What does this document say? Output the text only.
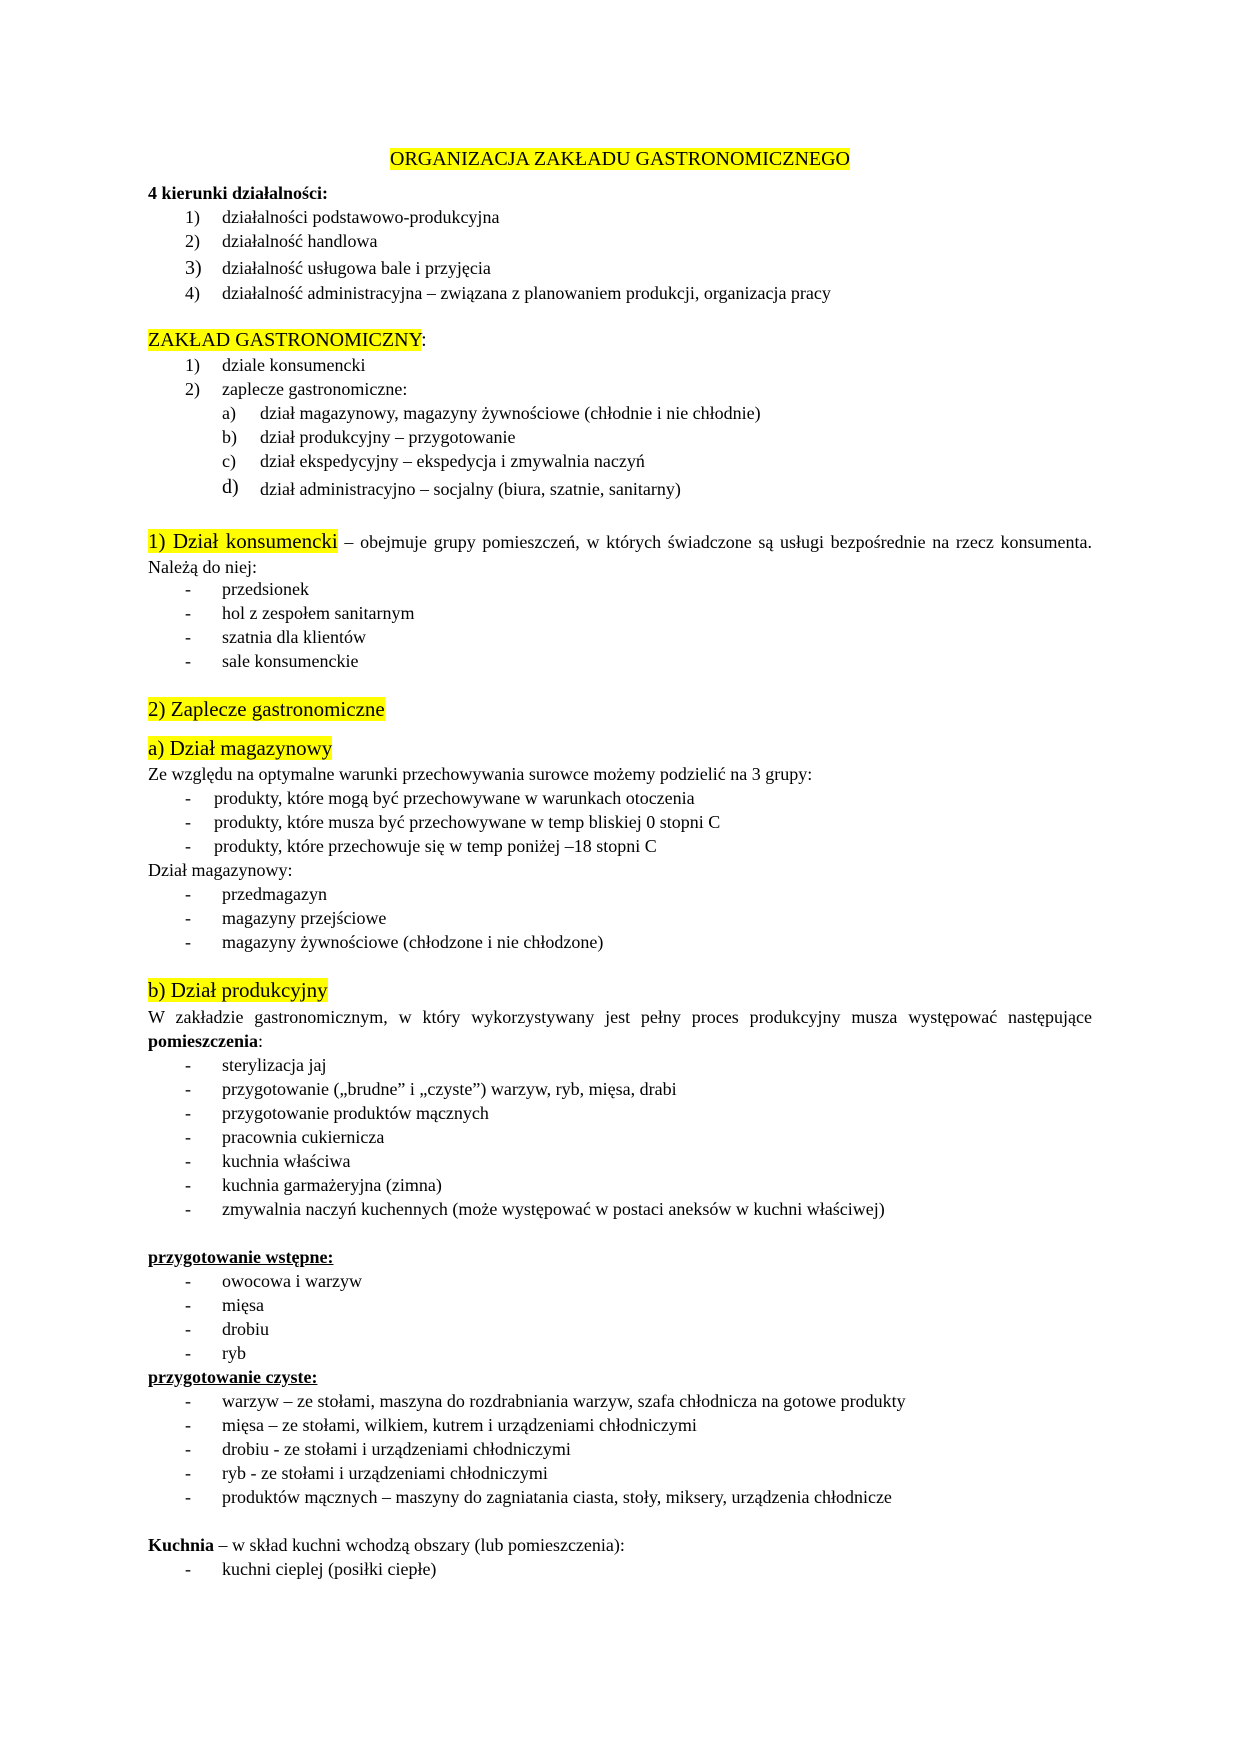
ORGANIZACJA ZAKŁADU GASTRONOMICZNEGO
4 kierunki działalności:
1) działalności podstawowo-produkcyjna
2) działalność handlowa
3) działalność usługowa bale i przyjęcia
4) działalność administracyjna – związana z planowaniem produkcji, organizacja pracy
ZAKŁAD GASTRONOMICZNY:
1) dziale konsumencki
2) zaplecze gastronomiczne:
a) dział magazynowy, magazyny żywnościowe (chłodnie i nie chłodnie)
b) dział produkcyjny – przygotowanie
c) dział ekspedycyjny – ekspedycja i zmywalnia naczyń
d) dział administracyjno – socjalny (biura, szatnie, sanitarny)
1) Dział konsumencki – obejmuje grupy pomieszczeń, w których świadczone są usługi bezpośrednie na rzecz konsumenta. Należą do niej:
- przedsionek
- hol z zespołem sanitarnym
- szatnia dla klientów
- sale konsumenckie
2) Zaplecze gastronomiczne
a) Dział magazynowy
Ze względu na optymalne warunki przechowywania surowce możemy podzielić na 3 grupy:
- produkty, które mogą być przechowywane w warunkach otoczenia
- produkty, które musza być przechowywane w temp bliskiej 0 stopni C
- produkty, które przechowuje się w temp poniżej –18 stopni C
Dział magazynowy:
- przedmagazyn
- magazyny przejściowe
- magazyny żywnościowe (chłodzone i nie chłodzone)
b) Dział produkcyjny
W zakładzie gastronomicznym, w który wykorzystywany jest pełny proces produkcyjny musza występować następujące pomieszczenia:
- sterylizacja jaj
- przygotowanie („brudne” i „czyste”) warzyw, ryb, mięsa, drabi
- przygotowanie produktów mącznych
- pracownia cukiernicza
- kuchnia właściwa
- kuchnia garmażeryjna (zimna)
- zmywalnia naczyń kuchennych (może występować w postaci aneksów w kuchni właściwej)
przygotowanie wstępne:
- owocowa i warzyw
- mięsa
- drobiu
- ryb
przygotowanie czyste:
- warzyw – ze stołami, maszyna do rozdrabniania warzyw, szafa chłodnicza na gotowe produkty
- mięsa – ze stołami, wilkiem, kutrem i urządzeniami chłodniczymi
- drobiu - ze stołami i urządzeniami chłodniczymi
- ryb - ze stołami i urządzeniami chłodniczymi
- produktów mącznych – maszyny do zagniatania ciasta, stoły, miksery, urządzenia chłodnicze
Kuchnia – w skład kuchni wchodzą obszary (lub pomieszczenia):
- kuchni cieplej (posiłki ciepłe)
